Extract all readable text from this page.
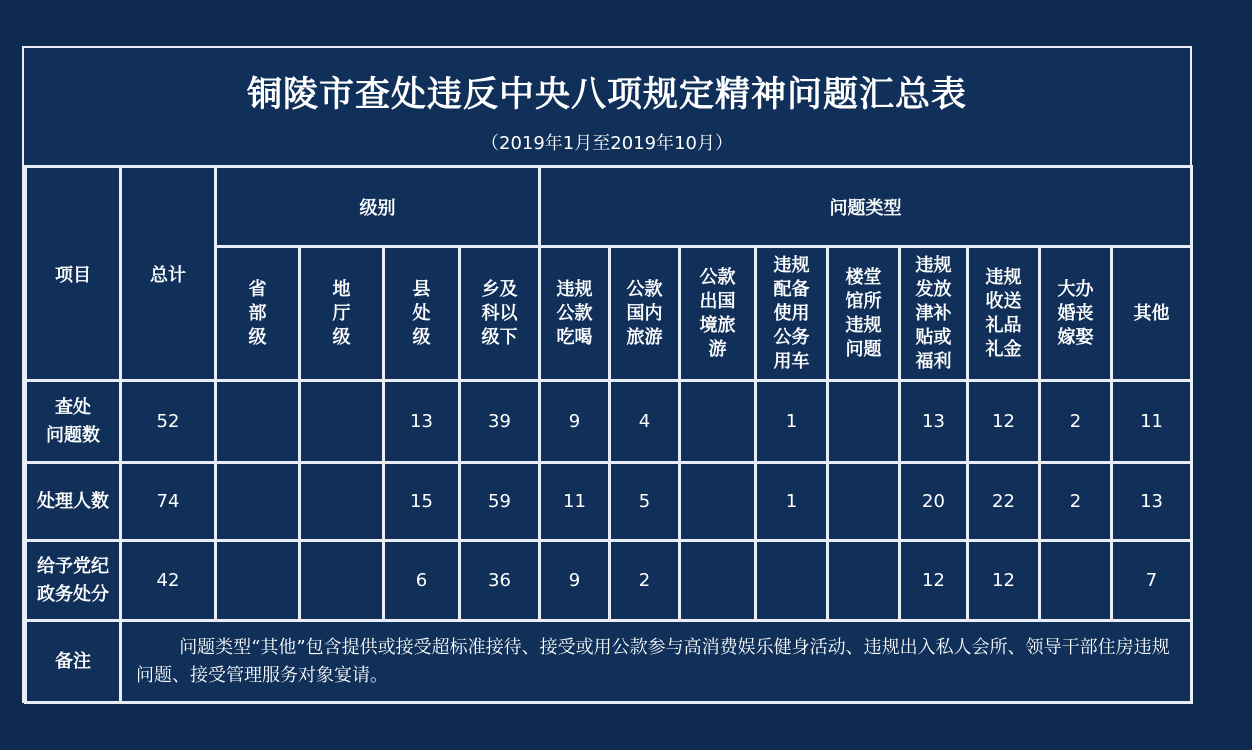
铜陵市查处违反中央八项规定精神问题汇总表
（2019年1月至2019年10月）
项目	总计	级别				问题类型								
		省
部
级	地
厅
级	县
处
级	乡及
科以
级下	违规
公款
吃喝	公款
国内
旅游	公款
出国
境旅
游	违规
配备
使用
公务
用车	楼堂
馆所
违规
问题	违规
发放
津补
贴或
福利	违规
收送
礼品
礼金	大办
婚丧
嫁娶	其他
查处
问题数	52			13	39	9	4		1		13	12	2	11
处理人数	74			15	59	11	5		1		20	22	2	13
给予党纪
政务处分	42			6	36	9	2				12	12		7
备注	问题类型“其他”包含提供或接受超标准接待、接受或用公款参与高消费娱乐健身活动、违规出入私人会所、领导干部住房违规问题、接受管理服务对象宴请。													
